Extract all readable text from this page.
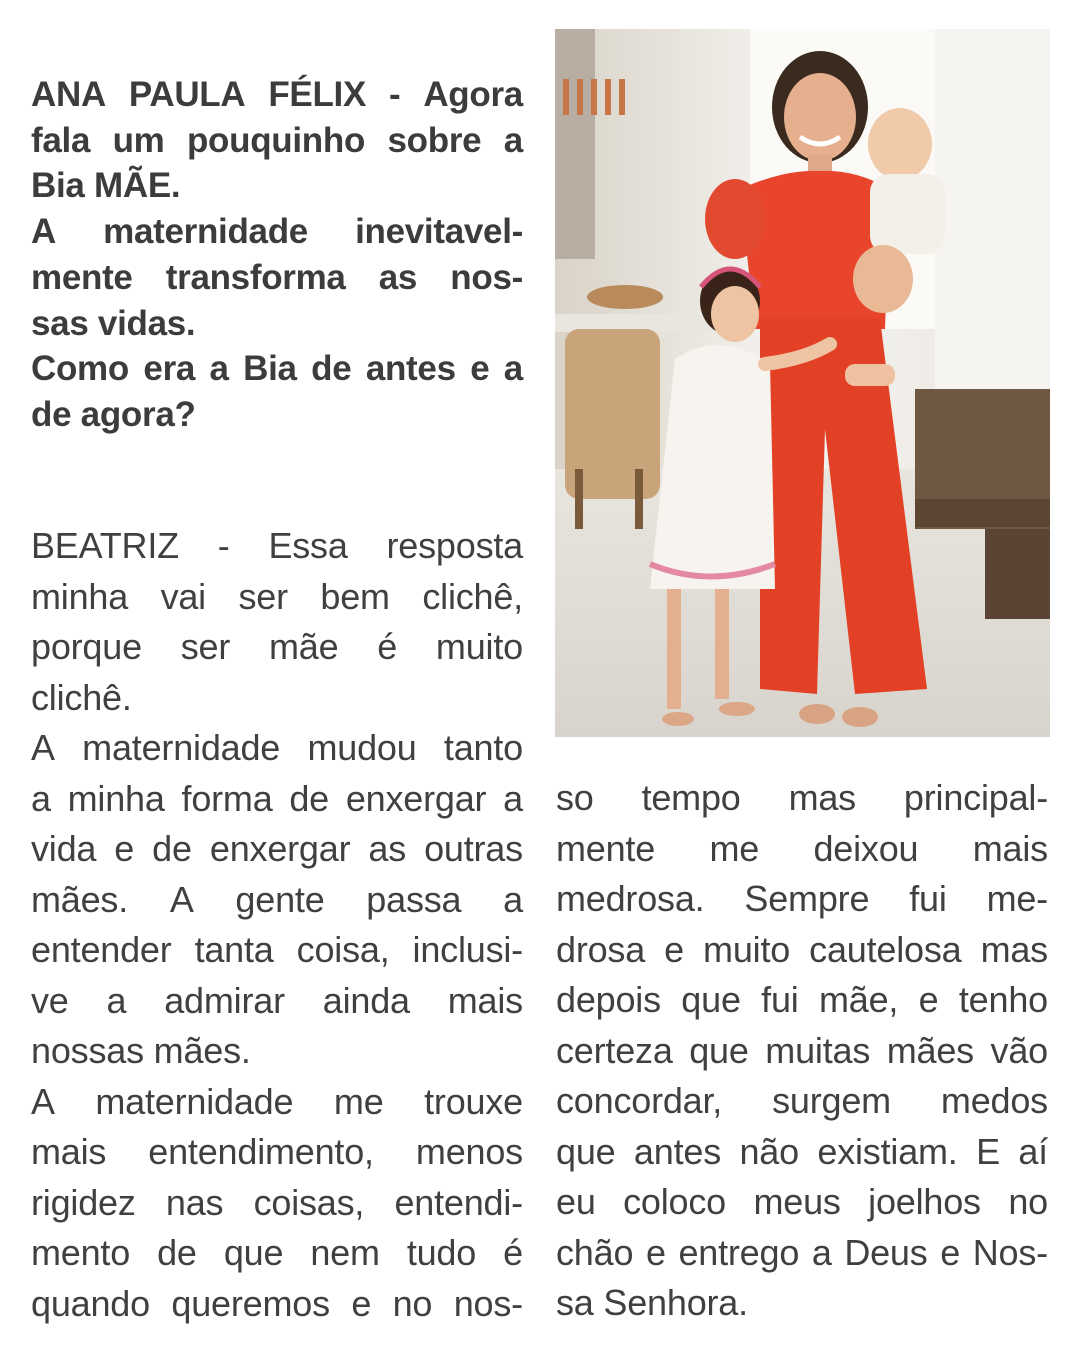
ANA PAULA FÉLIX - Agora
fala um pouquinho sobre a
Bia MÃE.
A maternidade inevitavel-
mente transforma as nos-
sas vidas.
Como era a Bia de antes e a
de agora?
BEATRIZ - Essa resposta
minha vai ser bem clichê,
porque ser mãe é muito
clichê.
A maternidade mudou tanto
a minha forma de enxergar a
vida e de enxergar as outras
mães. A gente passa a
entender tanta coisa, inclusi-
ve a admirar ainda mais
nossas mães.
A maternidade me trouxe
mais entendimento, menos
rigidez nas coisas, entendi-
mento de que nem tudo é
quando queremos e no nos-
so tempo mas principal-
mente me deixou mais
medrosa. Sempre fui me-
drosa e muito cautelosa mas
depois que fui mãe, e tenho
certeza que muitas mães vão
concordar, surgem medos
que antes não existiam. E aí
eu coloco meus joelhos no
chão e entrego a Deus e Nos-
sa Senhora.
